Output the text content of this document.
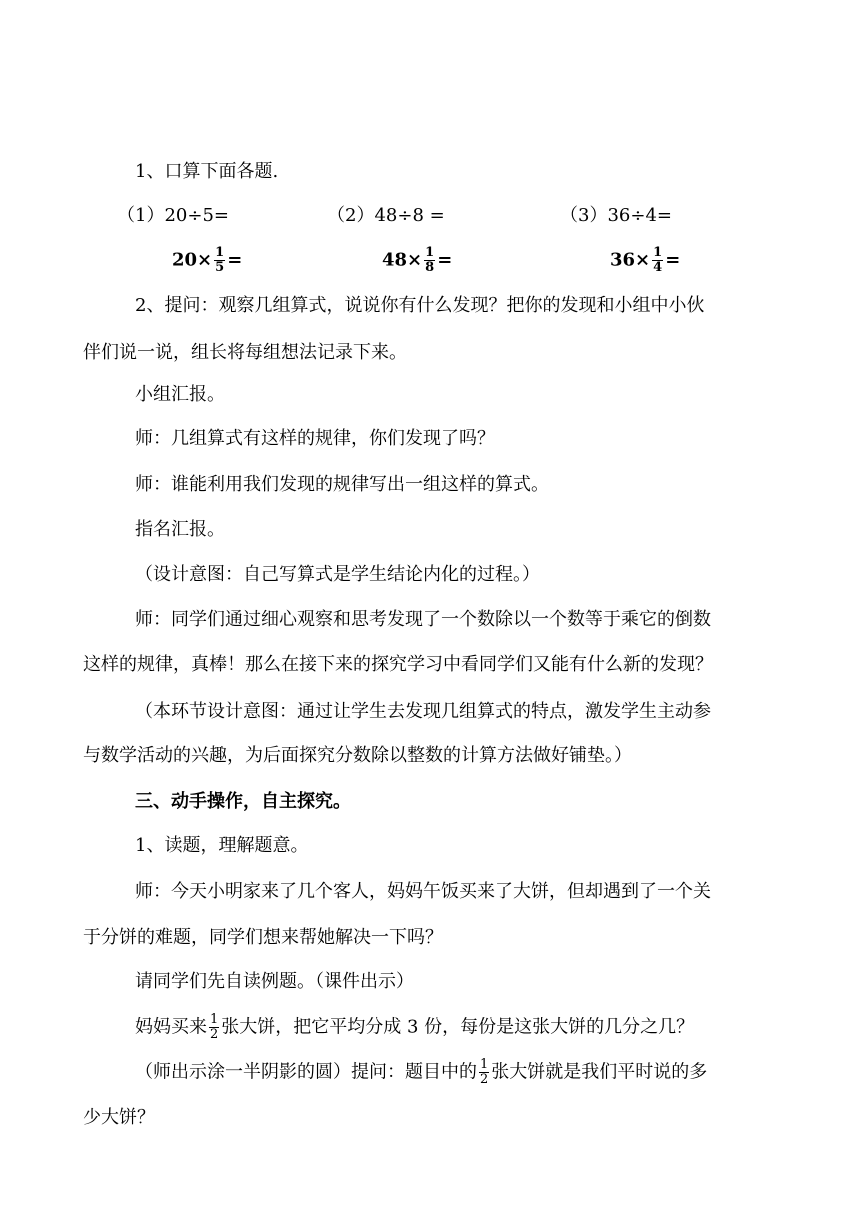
1、口算下面各题.
（1）20÷5=	（2）48÷8 =	（3）36÷4=
$20\times \frac{1}{5}$ =	$48\times \frac{1}{8}$ =	$36\times \frac{1}{4}$ =
2、提问：观察几组算式，说说你有什么发现？把你的发现和小组中小伙
伴们说一说，组长将每组想法记录下来。
小组汇报。
师：几组算式有这样的规律，你们发现了吗？
师：谁能利用我们发现的规律写出一组这样的算式。
指名汇报。
（设计意图：自己写算式是学生结论内化的过程。）
师：同学们通过细心观察和思考发现了一个数除以一个数等于乘它的倒数
这样的规律，真棒！那么在接下来的探究学习中看同学们又能有什么新的发现？
（本环节设计意图：通过让学生去发现几组算式的特点，激发学生主动参
与数学活动的兴趣，为后面探究分数除以整数的计算方法做好铺垫。）
三、动手操作，自主探究。
1、读题，理解题意。
师：今天小明家来了几个客人，妈妈午饭买来了大饼，但却遇到了一个关
于分饼的难题，同学们想来帮她解决一下吗？
请同学们先自读例题。（课件出示）
妈妈买来 $\frac{1}{2}$ 张大饼，把它平均分成 3 份，每份是这张大饼的几分之几？
（师出示涂一半阴影的圆）提问：题目中的 $\frac{1}{2}$ 张大饼就是我们平时说的多
少大饼？
